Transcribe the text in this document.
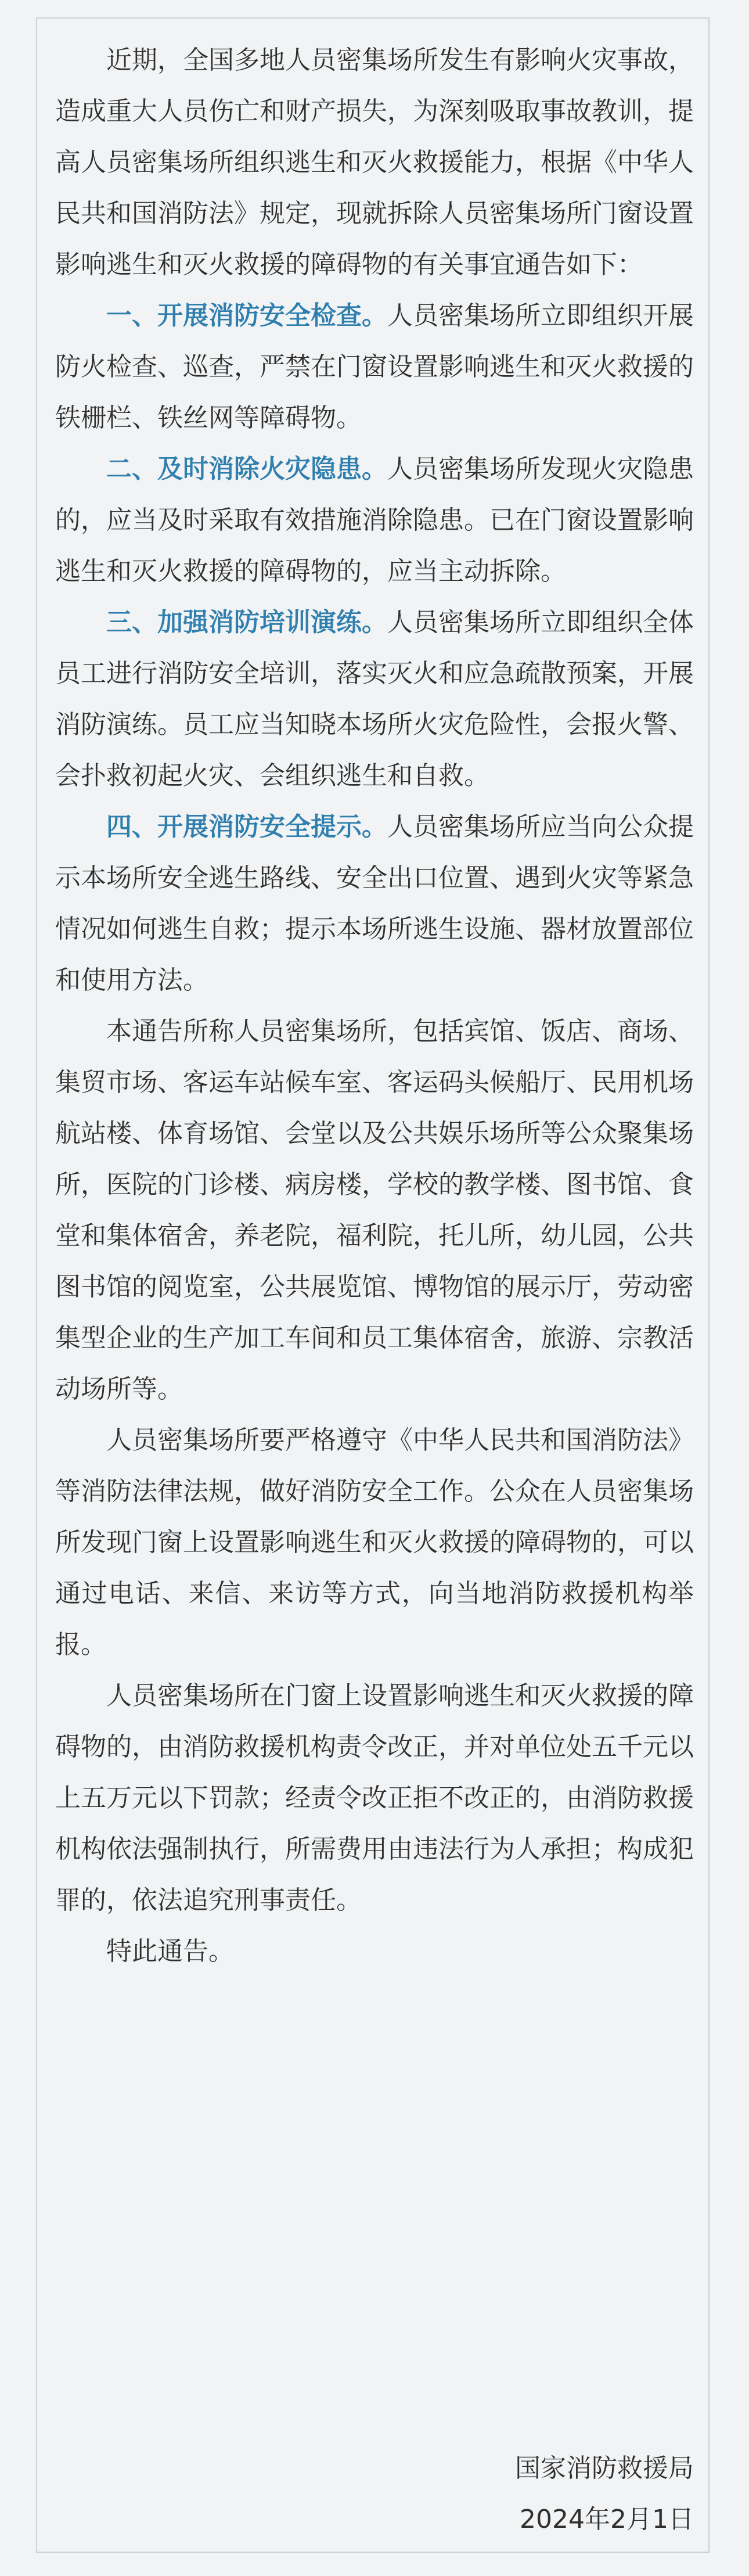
近期，全国多地人员密集场所发生有影响火灾事故，造成重大人员伤亡和财产损失，为深刻吸取事故教训，提高人员密集场所组织逃生和灭火救援能力，根据《中华人民共和国消防法》规定，现就拆除人员密集场所门窗设置影响逃生和灭火救援的障碍物的有关事宜通告如下：

一、开展消防安全检查。人员密集场所立即组织开展防火检查、巡查，严禁在门窗设置影响逃生和灭火救援的铁栅栏、铁丝网等障碍物。

二、及时消除火灾隐患。人员密集场所发现火灾隐患的，应当及时采取有效措施消除隐患。已在门窗设置影响逃生和灭火救援的障碍物的，应当主动拆除。

三、加强消防培训演练。人员密集场所立即组织全体员工进行消防安全培训，落实灭火和应急疏散预案，开展消防演练。员工应当知晓本场所火灾危险性，会报火警、会扑救初起火灾、会组织逃生和自救。

四、开展消防安全提示。人员密集场所应当向公众提示本场所安全逃生路线、安全出口位置、遇到火灾等紧急情况如何逃生自救；提示本场所逃生设施、器材放置部位和使用方法。

本通告所称人员密集场所，包括宾馆、饭店、商场、集贸市场、客运车站候车室、客运码头候船厅、民用机场航站楼、体育场馆、会堂以及公共娱乐场所等公众聚集场所，医院的门诊楼、病房楼，学校的教学楼、图书馆、食堂和集体宿舍，养老院，福利院，托儿所，幼儿园，公共图书馆的阅览室，公共展览馆、博物馆的展示厅，劳动密集型企业的生产加工车间和员工集体宿舍，旅游、宗教活动场所等。

人员密集场所要严格遵守《中华人民共和国消防法》等消防法律法规，做好消防安全工作。公众在人员密集场所发现门窗上设置影响逃生和灭火救援的障碍物的，可以通过电话、来信、来访等方式，向当地消防救援机构举报。

人员密集场所在门窗上设置影响逃生和灭火救援的障碍物的，由消防救援机构责令改正，并对单位处五千元以上五万元以下罚款；经责令改正拒不改正的，由消防救援机构依法强制执行，所需费用由违法行为人承担；构成犯罪的，依法追究刑事责任。

特此通告。

国家消防救援局
2024年2月1日
